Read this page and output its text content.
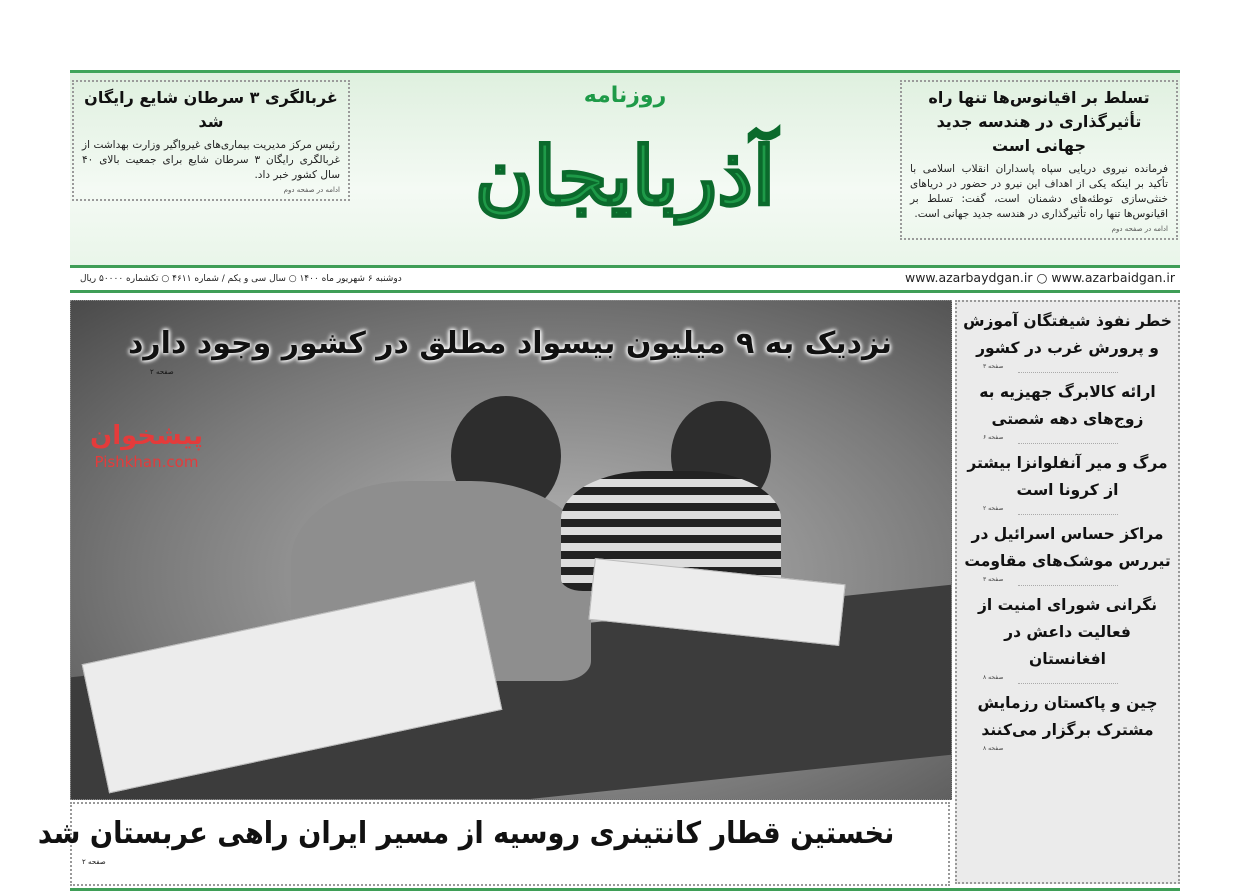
تسلط بر اقیانوس‌ها تنها راه تأثیرگذاری در هندسه جدید جهانی است
فرمانده نیروی دریایی سپاه پاسداران انقلاب اسلامی با تأکید بر اینکه یکی از اهداف این نیرو در حضور در دریاهای خنثی‌سازی توطئه‌های دشمنان است، گفت: تسلط بر اقیانوس‌ها تنها راه تأثیرگذاری در هندسه جدید جهانی است.
ادامه در صفحه دوم
روزنامه
آذربایجان
غربالگری ۳ سرطان شایع رایگان شد
رئیس مرکز مدیریت بیماری‌های غیرواگیر وزارت بهداشت از غربالگری رایگان ۳ سرطان شایع برای جمعیت بالای ۴۰ سال کشور خبر داد.
ادامه در صفحه دوم
دوشنبه ۶ شهریور ماه ۱۴۰۰ ○ سال سی و یکم / شماره ۴۶۱۱ ○ تکشماره ۵۰۰۰۰ ریال	www.azarbaydgan.ir ○ www.azarbaidgan.ir
پیشخوان
Pishkhan.com
نزدیک به ۹ میلیون بیسواد مطلق در کشور وجود دارد
صفحه ۲
نخستین قطار کانتینری روسیه از مسیر ایران راهی عربستان شد
صفحه ۲
خطر نفوذ شیفتگان آموزش و پرورش غرب در کشور
صفحه ۳
ارائه کالابرگ جهیزیه به زوج‌های دهه شصتی
صفحه ۶
مرگ و میر آنفلوانزا بیشتر از کرونا است
صفحه ۲
مراکز حساس اسرائیل در تیررس موشک‌های مقاومت
صفحه ۳
نگرانی شورای امنیت از فعالیت داعش در افغانستان
صفحه ۸
چین و پاکستان رزمایش مشترک برگزار می‌کنند
صفحه ۸
